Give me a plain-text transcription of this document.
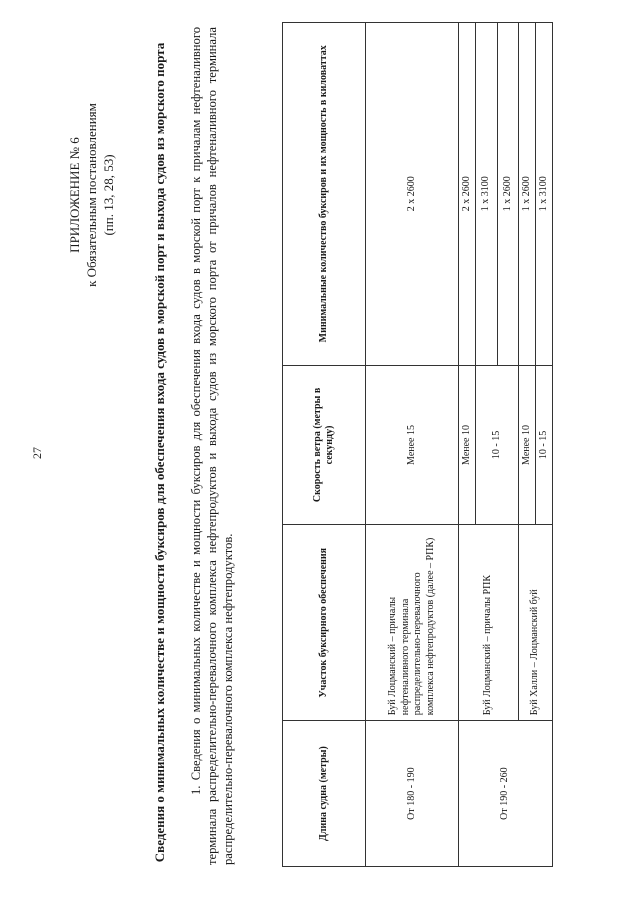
27
ПРИЛОЖЕНИЕ № 6 к Обязательным постановлениям (пп. 13, 28, 53)	Сведения о минимальных количестве и мощности буксиров для обеспечения входа судов в морской порт и выхода судов из морского порта 1. Сведения о минимальных количестве и мощности буксиров для обеспечения входа судов в морской порт к причалам нефтеналивного терминала распределительно-перевалочного комплекса нефтепродуктов и выхода судов из морского порта от причалов нефтеналивного терминала распределительно-перевалочного комплекса нефтепродуктов.	Длина судна (метры)	Участок буксирного обеспечения	Скорость ветра (метры в секунду)	Минимальные количество буксиров и их мощность в киловаттах
От 180 - 190	Буй Лоцманский – причалы нефтеналивного терминала распределительно-перевалочного комплекса нефтепродуктов (далее – РПК)	Менее 15	2 x 2600
От 190 - 260	Буй Лоцманский – причалы РПК	Менее 10	2 x 2600
		10 - 15	1 x 3100
			1 x 2600
	Буй Халли – Лоцманский буй	Менее 10	1 x 2600
		10 - 15	1 x 3100
